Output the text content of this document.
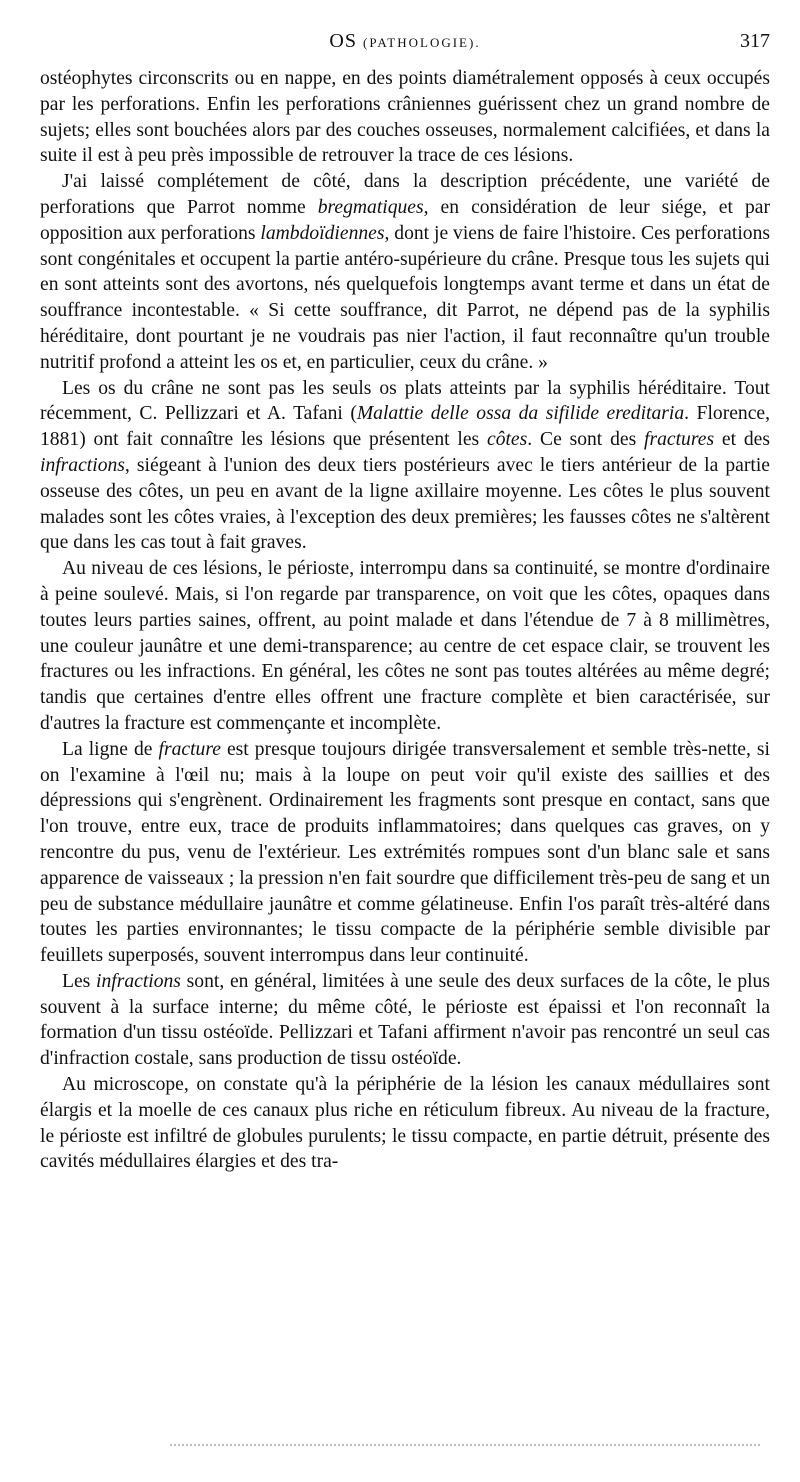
OS (PATHOLOGIE).	317

ostéophytes circonscrits ou en nappe, en des points diamétralement opposés à ceux occupés par les perforations. Enfin les perforations crâniennes guérissent chez un grand nombre de sujets; elles sont bouchées alors par des couches osseuses, normalement calcifiées, et dans la suite il est à peu près impossible de retrouver la trace de ces lésions.

J'ai laissé complétement de côté, dans la description précédente, une variété de perforations que Parrot nomme bregmatiques, en considération de leur siége, et par opposition aux perforations lambdoïdiennes, dont je viens de faire l'histoire. Ces perforations sont congénitales et occupent la partie antéro-supérieure du crâne. Presque tous les sujets qui en sont atteints sont des avortons, nés quelquefois longtemps avant terme et dans un état de souffrance incontestable. « Si cette souffrance, dit Parrot, ne dépend pas de la syphilis héréditaire, dont pourtant je ne voudrais pas nier l'action, il faut reconnaître qu'un trouble nutritif profond a atteint les os et, en particulier, ceux du crâne. »

Les os du crâne ne sont pas les seuls os plats atteints par la syphilis héréditaire. Tout récemment, C. Pellizzari et A. Tafani (Malattie delle ossa da sifilide ereditaria. Florence, 1881) ont fait connaître les lésions que présentent les côtes. Ce sont des fractures et des infractions, siégeant à l'union des deux tiers postérieurs avec le tiers antérieur de la partie osseuse des côtes, un peu en avant de la ligne axillaire moyenne. Les côtes le plus souvent malades sont les côtes vraies, à l'exception des deux premières; les fausses côtes ne s'altèrent que dans les cas tout à fait graves.

Au niveau de ces lésions, le périoste, interrompu dans sa continuité, se montre d'ordinaire à peine soulevé. Mais, si l'on regarde par transparence, on voit que les côtes, opaques dans toutes leurs parties saines, offrent, au point malade et dans l'étendue de 7 à 8 millimètres, une couleur jaunâtre et une demi-transparence; au centre de cet espace clair, se trouvent les fractures ou les infractions. En général, les côtes ne sont pas toutes altérées au même degré; tandis que certaines d'entre elles offrent une fracture complète et bien caractérisée, sur d'autres la fracture est commençante et incomplète.

La ligne de fracture est presque toujours dirigée transversalement et semble très-nette, si on l'examine à l'œil nu; mais à la loupe on peut voir qu'il existe des saillies et des dépressions qui s'engrènent. Ordinairement les fragments sont presque en contact, sans que l'on trouve, entre eux, trace de produits inflammatoires; dans quelques cas graves, on y rencontre du pus, venu de l'extérieur. Les extrémités rompues sont d'un blanc sale et sans apparence de vaisseaux ; la pression n'en fait sourdre que difficilement très-peu de sang et un peu de substance médullaire jaunâtre et comme gélatineuse. Enfin l'os paraît très-altéré dans toutes les parties environnantes; le tissu compacte de la périphérie semble divisible par feuillets superposés, souvent interrompus dans leur continuité.

Les infractions sont, en général, limitées à une seule des deux surfaces de la côte, le plus souvent à la surface interne; du même côté, le périoste est épaissi et l'on reconnaît la formation d'un tissu ostéoïde. Pellizzari et Tafani affirment n'avoir pas rencontré un seul cas d'infraction costale, sans production de tissu ostéoïde.

Au microscope, on constate qu'à la périphérie de la lésion les canaux médullaires sont élargis et la moelle de ces canaux plus riche en réticulum fibreux. Au niveau de la fracture, le périoste est infiltré de globules purulents; le tissu compacte, en partie détruit, présente des cavités médullaires élargies et des tra-
